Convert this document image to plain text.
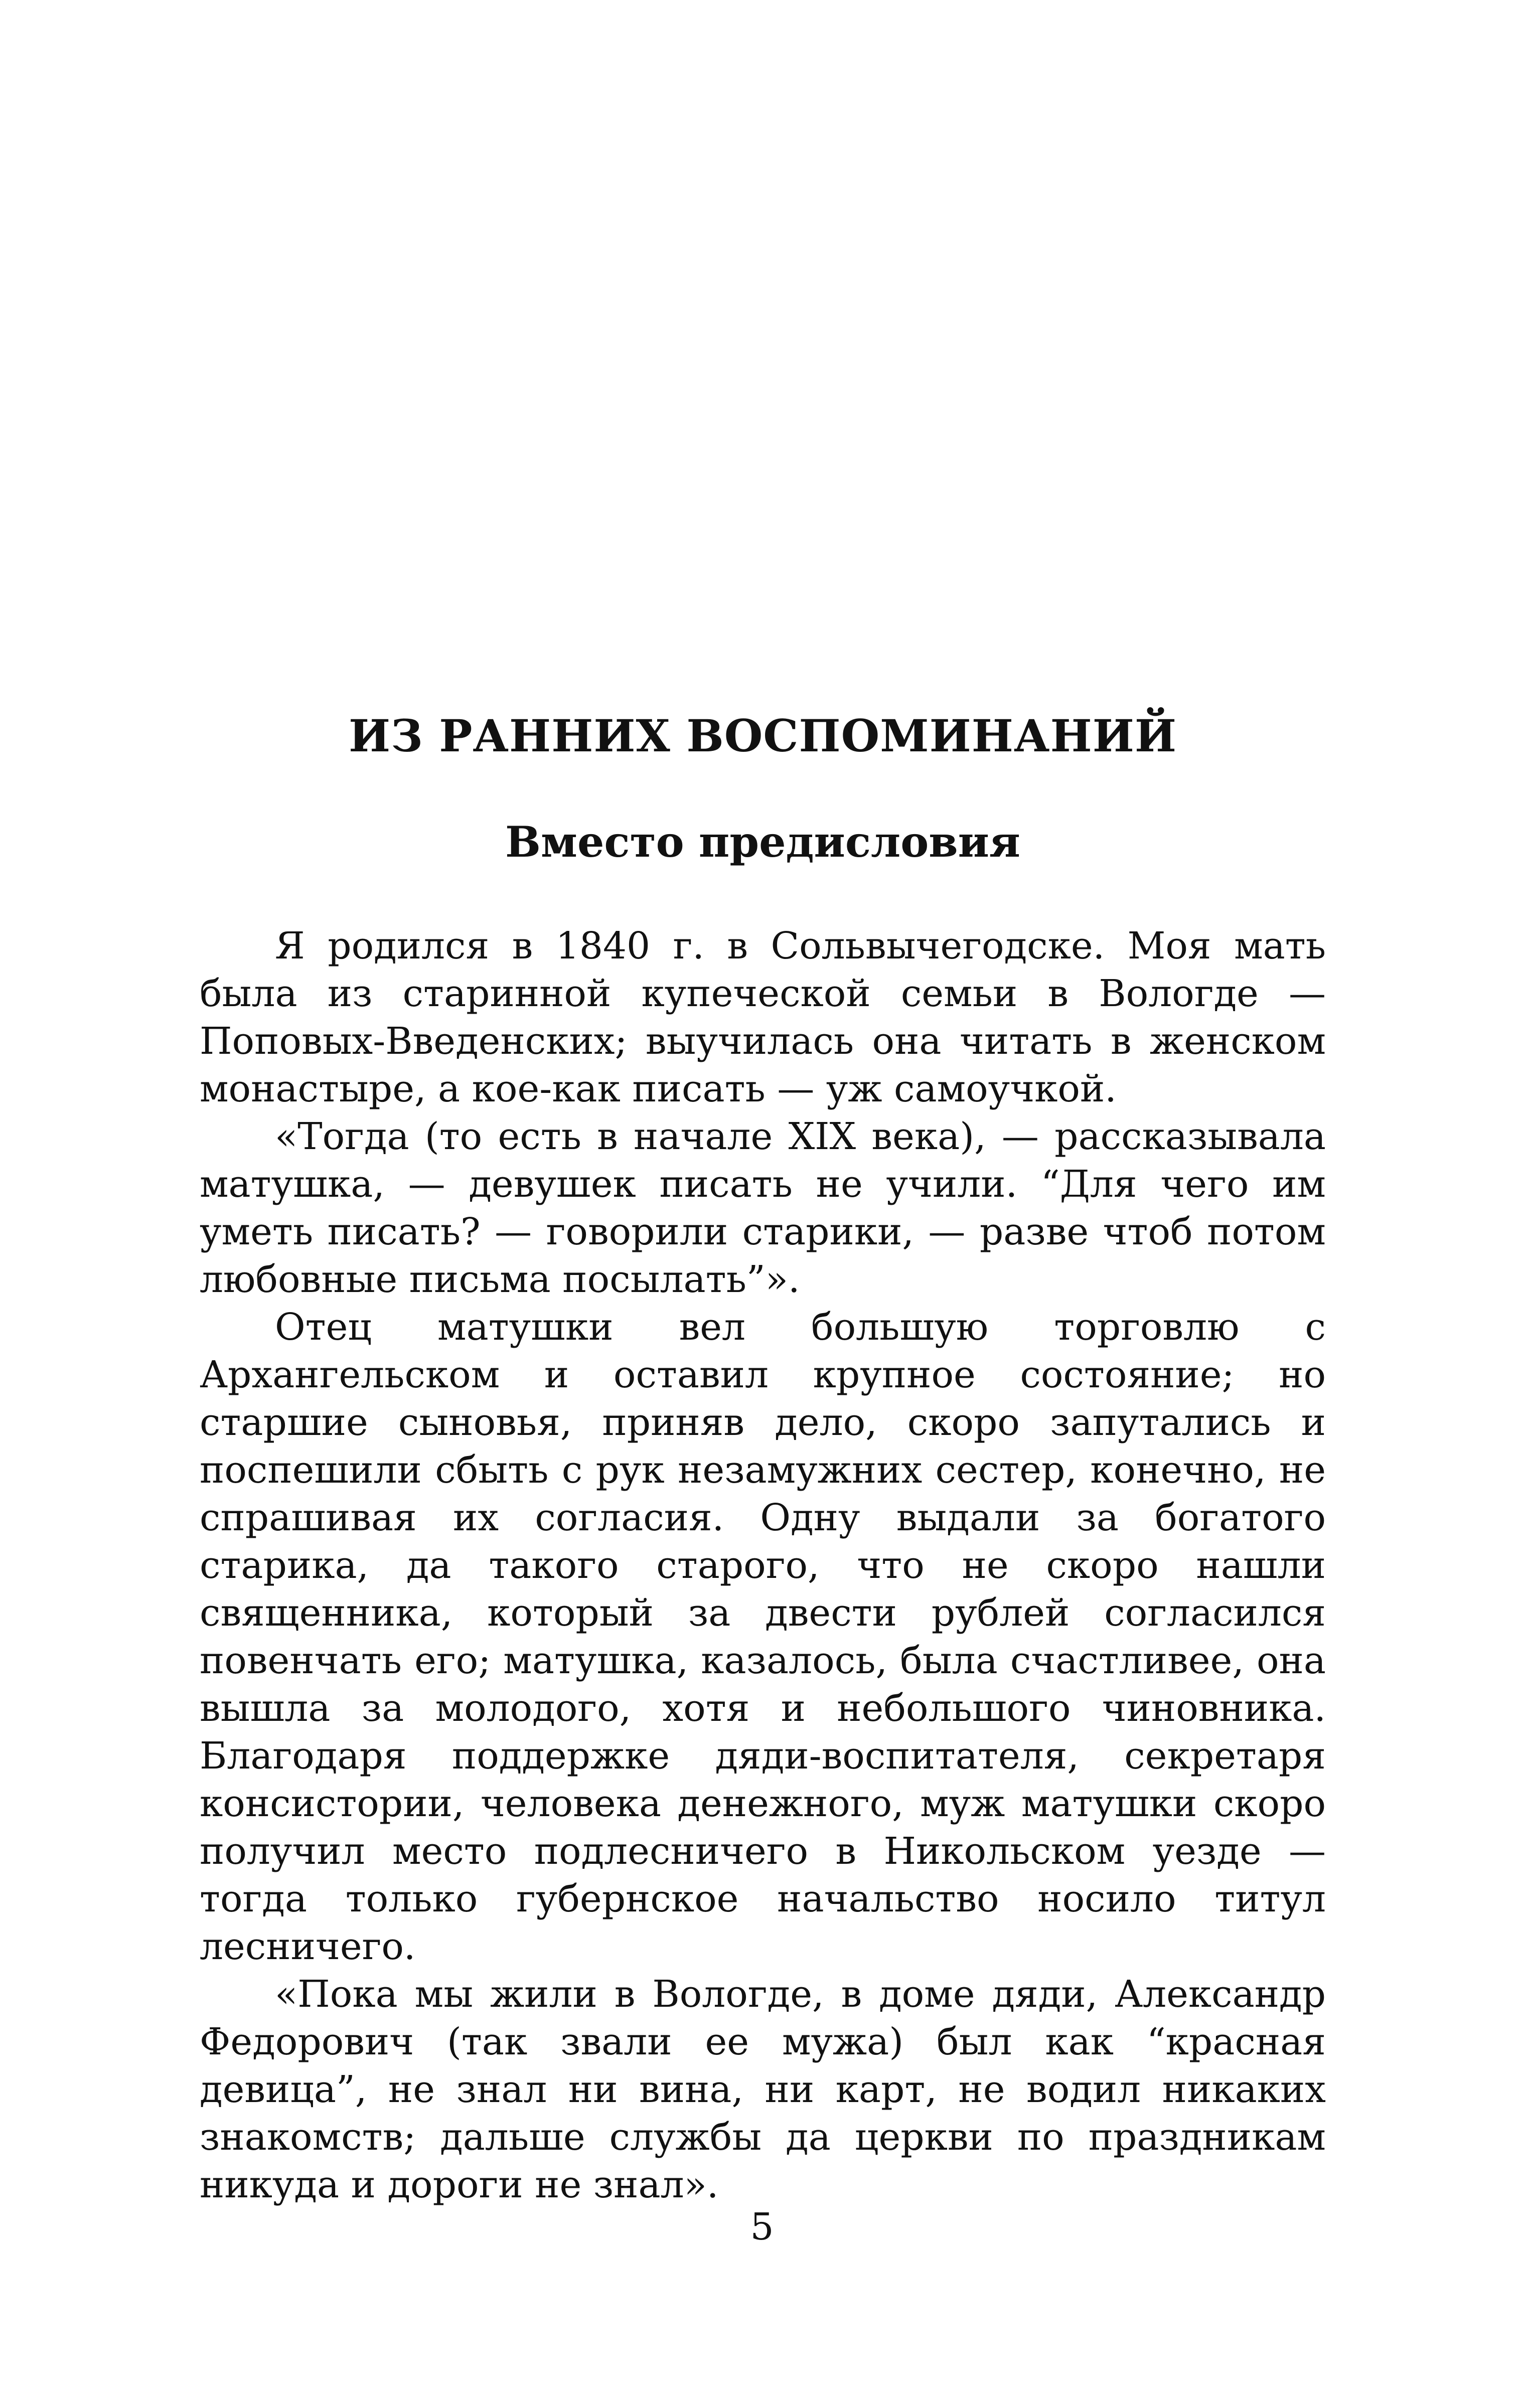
ИЗ РАННИХ ВОСПОМИНАНИЙ
Вместо предисловия

Я родился в 1840 г. в Сольвычегодске. Моя мать была из старинной купеческой семьи в Вологде — Поповых-Введенских; выучилась она читать в женском монастыре, а кое-как писать — уж самоучкой.

«Тогда (то есть в начале XIX века), — рассказывала матушка, — девушек писать не учили. “Для чего им уметь писать? — говорили старики, — разве чтоб потом любовные письма посылать”».

Отец матушки вел большую торговлю с Архангельском и оставил крупное состояние; но старшие сыновья, приняв дело, скоро запутались и поспешили сбыть с рук незамужних сестер, конечно, не спрашивая их согласия. Одну выдали за богатого старика, да такого старого, что не скоро нашли священника, который за двести рублей согласился повенчать его; матушка, казалось, была счастливее, она вышла за молодого, хотя и небольшого чиновника. Благодаря поддержке дяди-воспитателя, секретаря консистории, человека денежного, муж матушки скоро получил место подлесничего в Никольском уезде — тогда только губернское начальство носило титул лесничего.

«Пока мы жили в Вологде, в доме дяди, Александр Федорович (так звали ее мужа) был как “красная девица”, не знал ни вина, ни карт, не водил никаких знакомств; дальше службы да церкви по праздникам никуда и дороги не знал».

5
